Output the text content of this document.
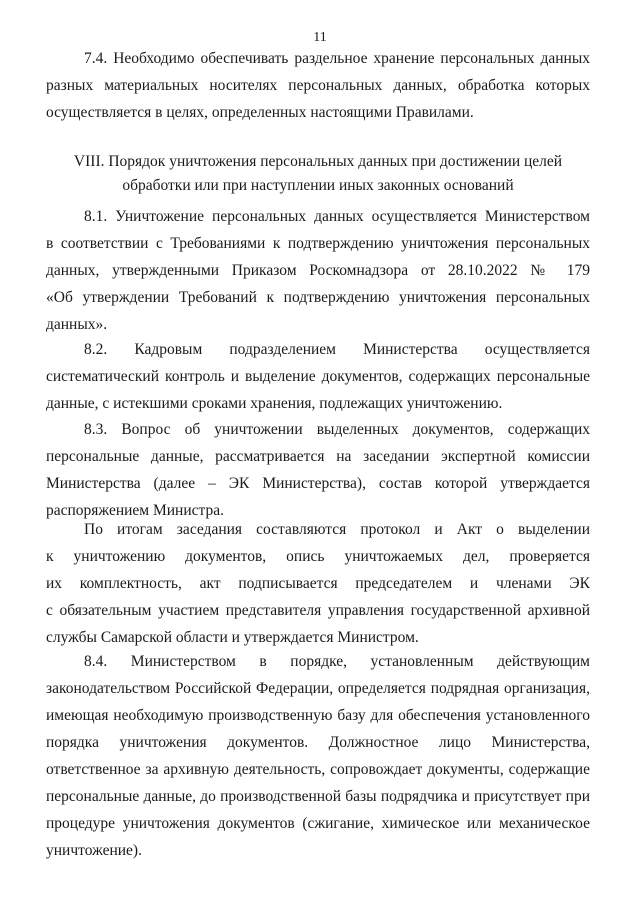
11
7.4. Необходимо обеспечивать раздельное хранение персональных данных
разных материальных носителях персональных данных, обработка которых
осуществляется в целях, определенных настоящими Правилами.
VIII. Порядок уничтожения персональных данных при достижении целей
обработки или при наступлении иных законных оснований
8.1. Уничтожение персональных данных осуществляется Министерством
в соответствии с Требованиями к подтверждению уничтожения персональных
данных, утвержденными Приказом Роскомнадзора от 28.10.2022 № 179
«Об утверждении Требований к подтверждению уничтожения персональных
данных».
8.2. Кадровым подразделением Министерства осуществляется
систематический контроль и выделение документов, содержащих персональные
данные, с истекшими сроками хранения, подлежащих уничтожению.
8.3. Вопрос об уничтожении выделенных документов, содержащих
персональные данные, рассматривается на заседании экспертной комиссии
Министерства (далее – ЭК Министерства), состав которой утверждается
распоряжением Министра.
По итогам заседания составляются протокол и Акт о выделении
к уничтожению документов, опись уничтожаемых дел, проверяется
их комплектность, акт подписывается председателем и членами ЭК
с обязательным участием представителя управления государственной архивной
службы Самарской области и утверждается Министром.
8.4. Министерством в порядке, установленным действующим
законодательством Российской Федерации, определяется подрядная организация,
имеющая необходимую производственную базу для обеспечения установленного
порядка уничтожения документов. Должностное лицо Министерства,
ответственное за архивную деятельность, сопровождает документы, содержащие
персональные данные, до производственной базы подрядчика и присутствует при
процедуре уничтожения документов (сжигание, химическое или механическое
уничтожение).
